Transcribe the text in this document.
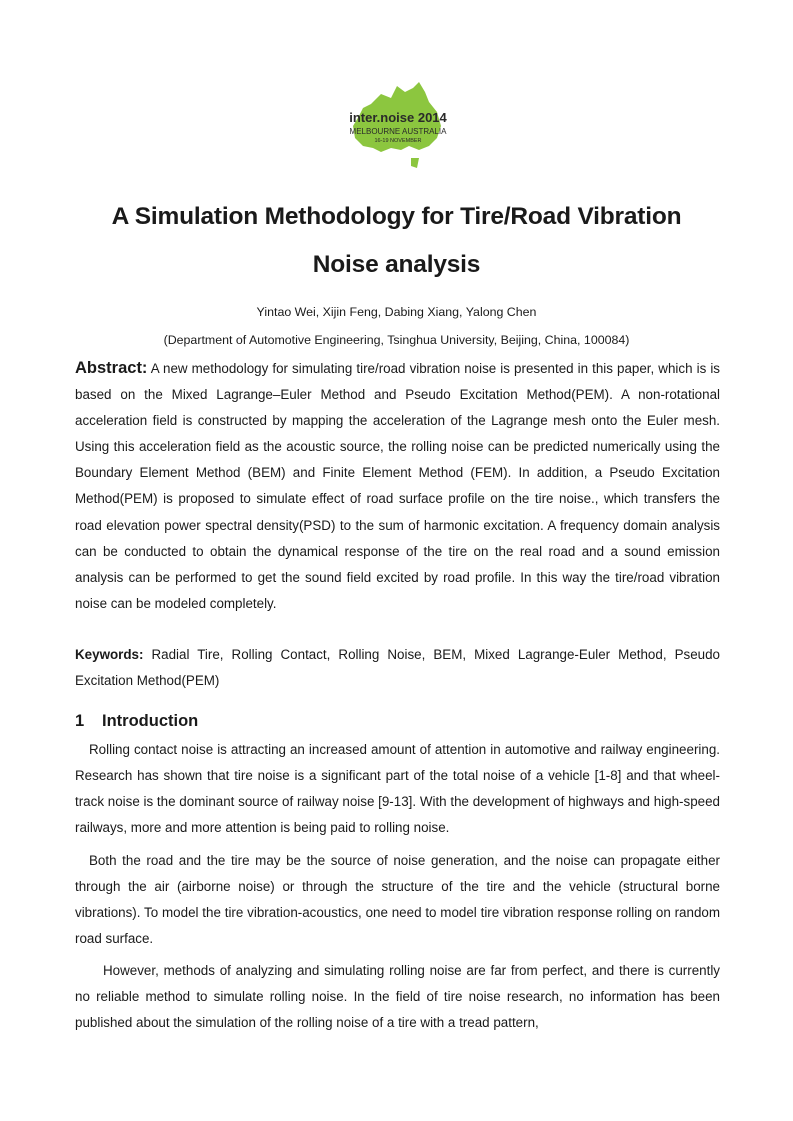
inter.noise 2014
MELBOURNE AUSTRALIA
16-19 NOVEMBER
A Simulation Methodology for Tire/Road Vibration
Noise analysis
Yintao Wei, Xijin Feng, Dabing Xiang, Yalong Chen
(Department of Automotive Engineering, Tsinghua University, Beijing, China, 100084)
Abstract: A new methodology for simulating tire/road vibration noise is presented in this paper, which is is based on the Mixed Lagrange–Euler Method and Pseudo Excitation Method(PEM). A non-rotational acceleration field is constructed by mapping the acceleration of the Lagrange mesh onto the Euler mesh. Using this acceleration field as the acoustic source, the rolling noise can be predicted numerically using the Boundary Element Method (BEM) and Finite Element Method (FEM). In addition, a Pseudo Excitation Method(PEM) is proposed to simulate effect of road surface profile on the tire noise., which transfers the road elevation power spectral density(PSD) to the sum of harmonic excitation. A frequency domain analysis can be conducted to obtain the dynamical response of the tire on the real road and a sound emission analysis can be performed to get the sound field excited by road profile. In this way the tire/road vibration noise can be modeled completely.
Keywords: Radial Tire, Rolling Contact, Rolling Noise, BEM, Mixed Lagrange-Euler Method, Pseudo Excitation Method(PEM)
1 Introduction
Rolling contact noise is attracting an increased amount of attention in automotive and railway engineering. Research has shown that tire noise is a significant part of the total noise of a vehicle [1-8] and that wheel-track noise is the dominant source of railway noise [9-13]. With the development of highways and high-speed railways, more and more attention is being paid to rolling noise.
Both the road and the tire may be the source of noise generation, and the noise can propagate either through the air (airborne noise) or through the structure of the tire and the vehicle (structural borne vibrations). To model the tire vibration-acoustics, one need to model tire vibration response rolling on random road surface.
However, methods of analyzing and simulating rolling noise are far from perfect, and there is currently no reliable method to simulate rolling noise. In the field of tire noise research, no information has been published about the simulation of the rolling noise of a tire with a tread pattern,
